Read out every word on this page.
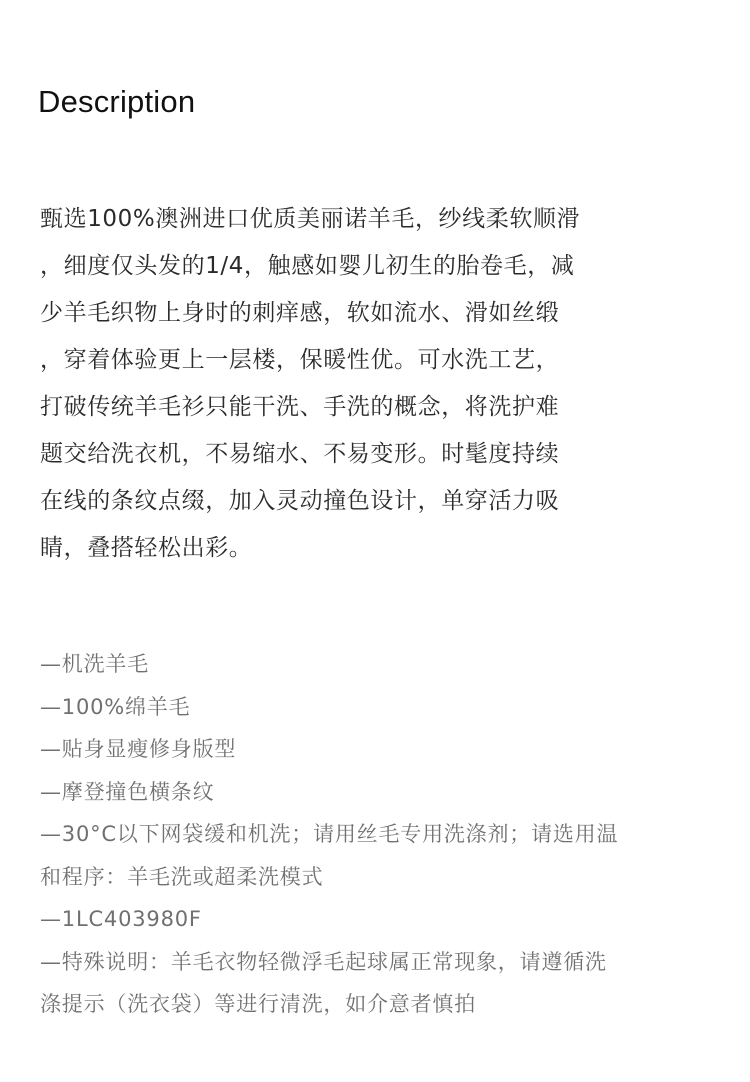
Description
甄选100%澳洲进口优质美丽诺羊毛，纱线柔软顺滑
，细度仅头发的1/4，触感如婴儿初生的胎卷毛，减
少羊毛织物上身时的刺痒感，软如流水、滑如丝缎
，穿着体验更上一层楼，保暖性优。可水洗工艺，
打破传统羊毛衫只能干洗、手洗的概念，将洗护难
题交给洗衣机，不易缩水、不易变形。时髦度持续
在线的条纹点缀，加入灵动撞色设计，单穿活力吸
睛，叠搭轻松出彩。
—机洗羊毛
—100%绵羊毛
—贴身显瘦修身版型
—摩登撞色横条纹
—30°C以下网袋缓和机洗；请用丝毛专用洗涤剂；请选用温
和程序：羊毛洗或超柔洗模式
—1LC403980F
—特殊说明：羊毛衣物轻微浮毛起球属正常现象，请遵循洗
涤提示（洗衣袋）等进行清洗，如介意者慎拍
